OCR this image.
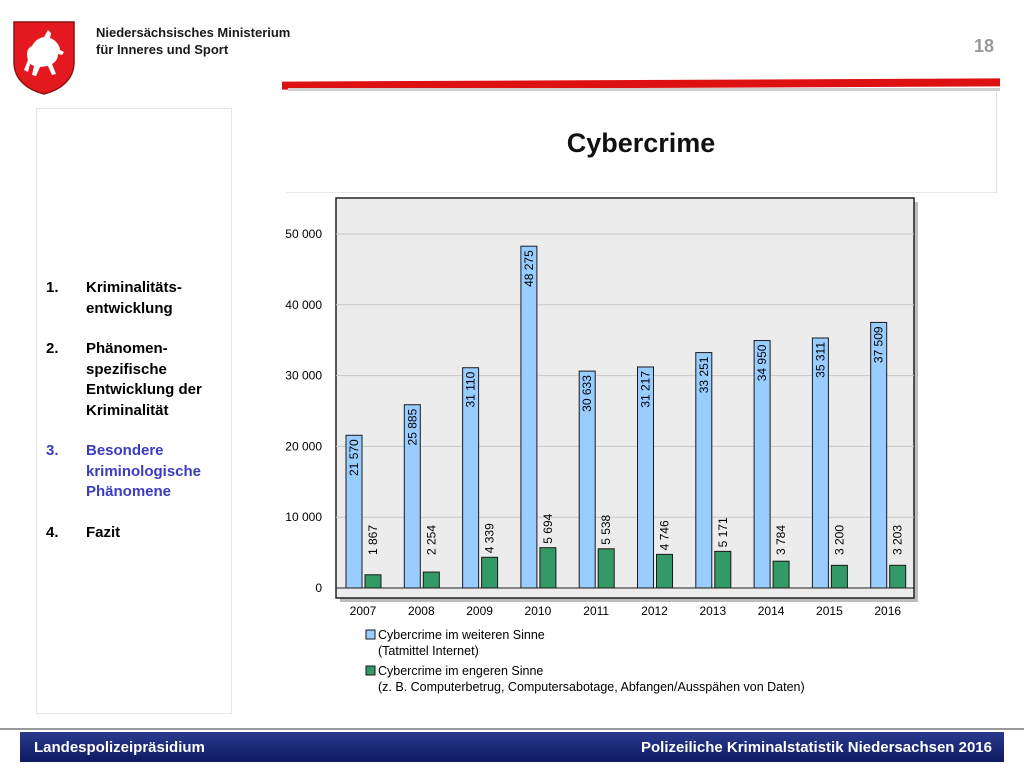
Niedersächsisches Ministerium
für Inneres und Sport	18
Cybercrime
1.	Kriminalitäts-entwicklung
2.	Phänomen-spezifische Entwicklung der Kriminalität
3.	Besondere kriminologische Phänomene
4.	Fazit
0
10 000
20 000
30 000
40 000
50 000
21 570
1 867
2007
25 885
2 254
2008
31 110
4 339
2009
48 275
5 694
2010
30 633
5 538
2011
31 217
4 746
2012
33 251
5 171
2013
34 950
3 784
2014
35 311
3 200
2015
37 509
3 203
2016
Cybercrime im weiteren Sinne
(Tatmittel Internet)
Cybercrime im engeren Sinne
(z. B. Computerbetrug, Computersabotage, Abfangen/Ausspähen von Daten)
Landespolizeipräsidium	Polizeiliche Kriminalstatistik Niedersachsen 2016
